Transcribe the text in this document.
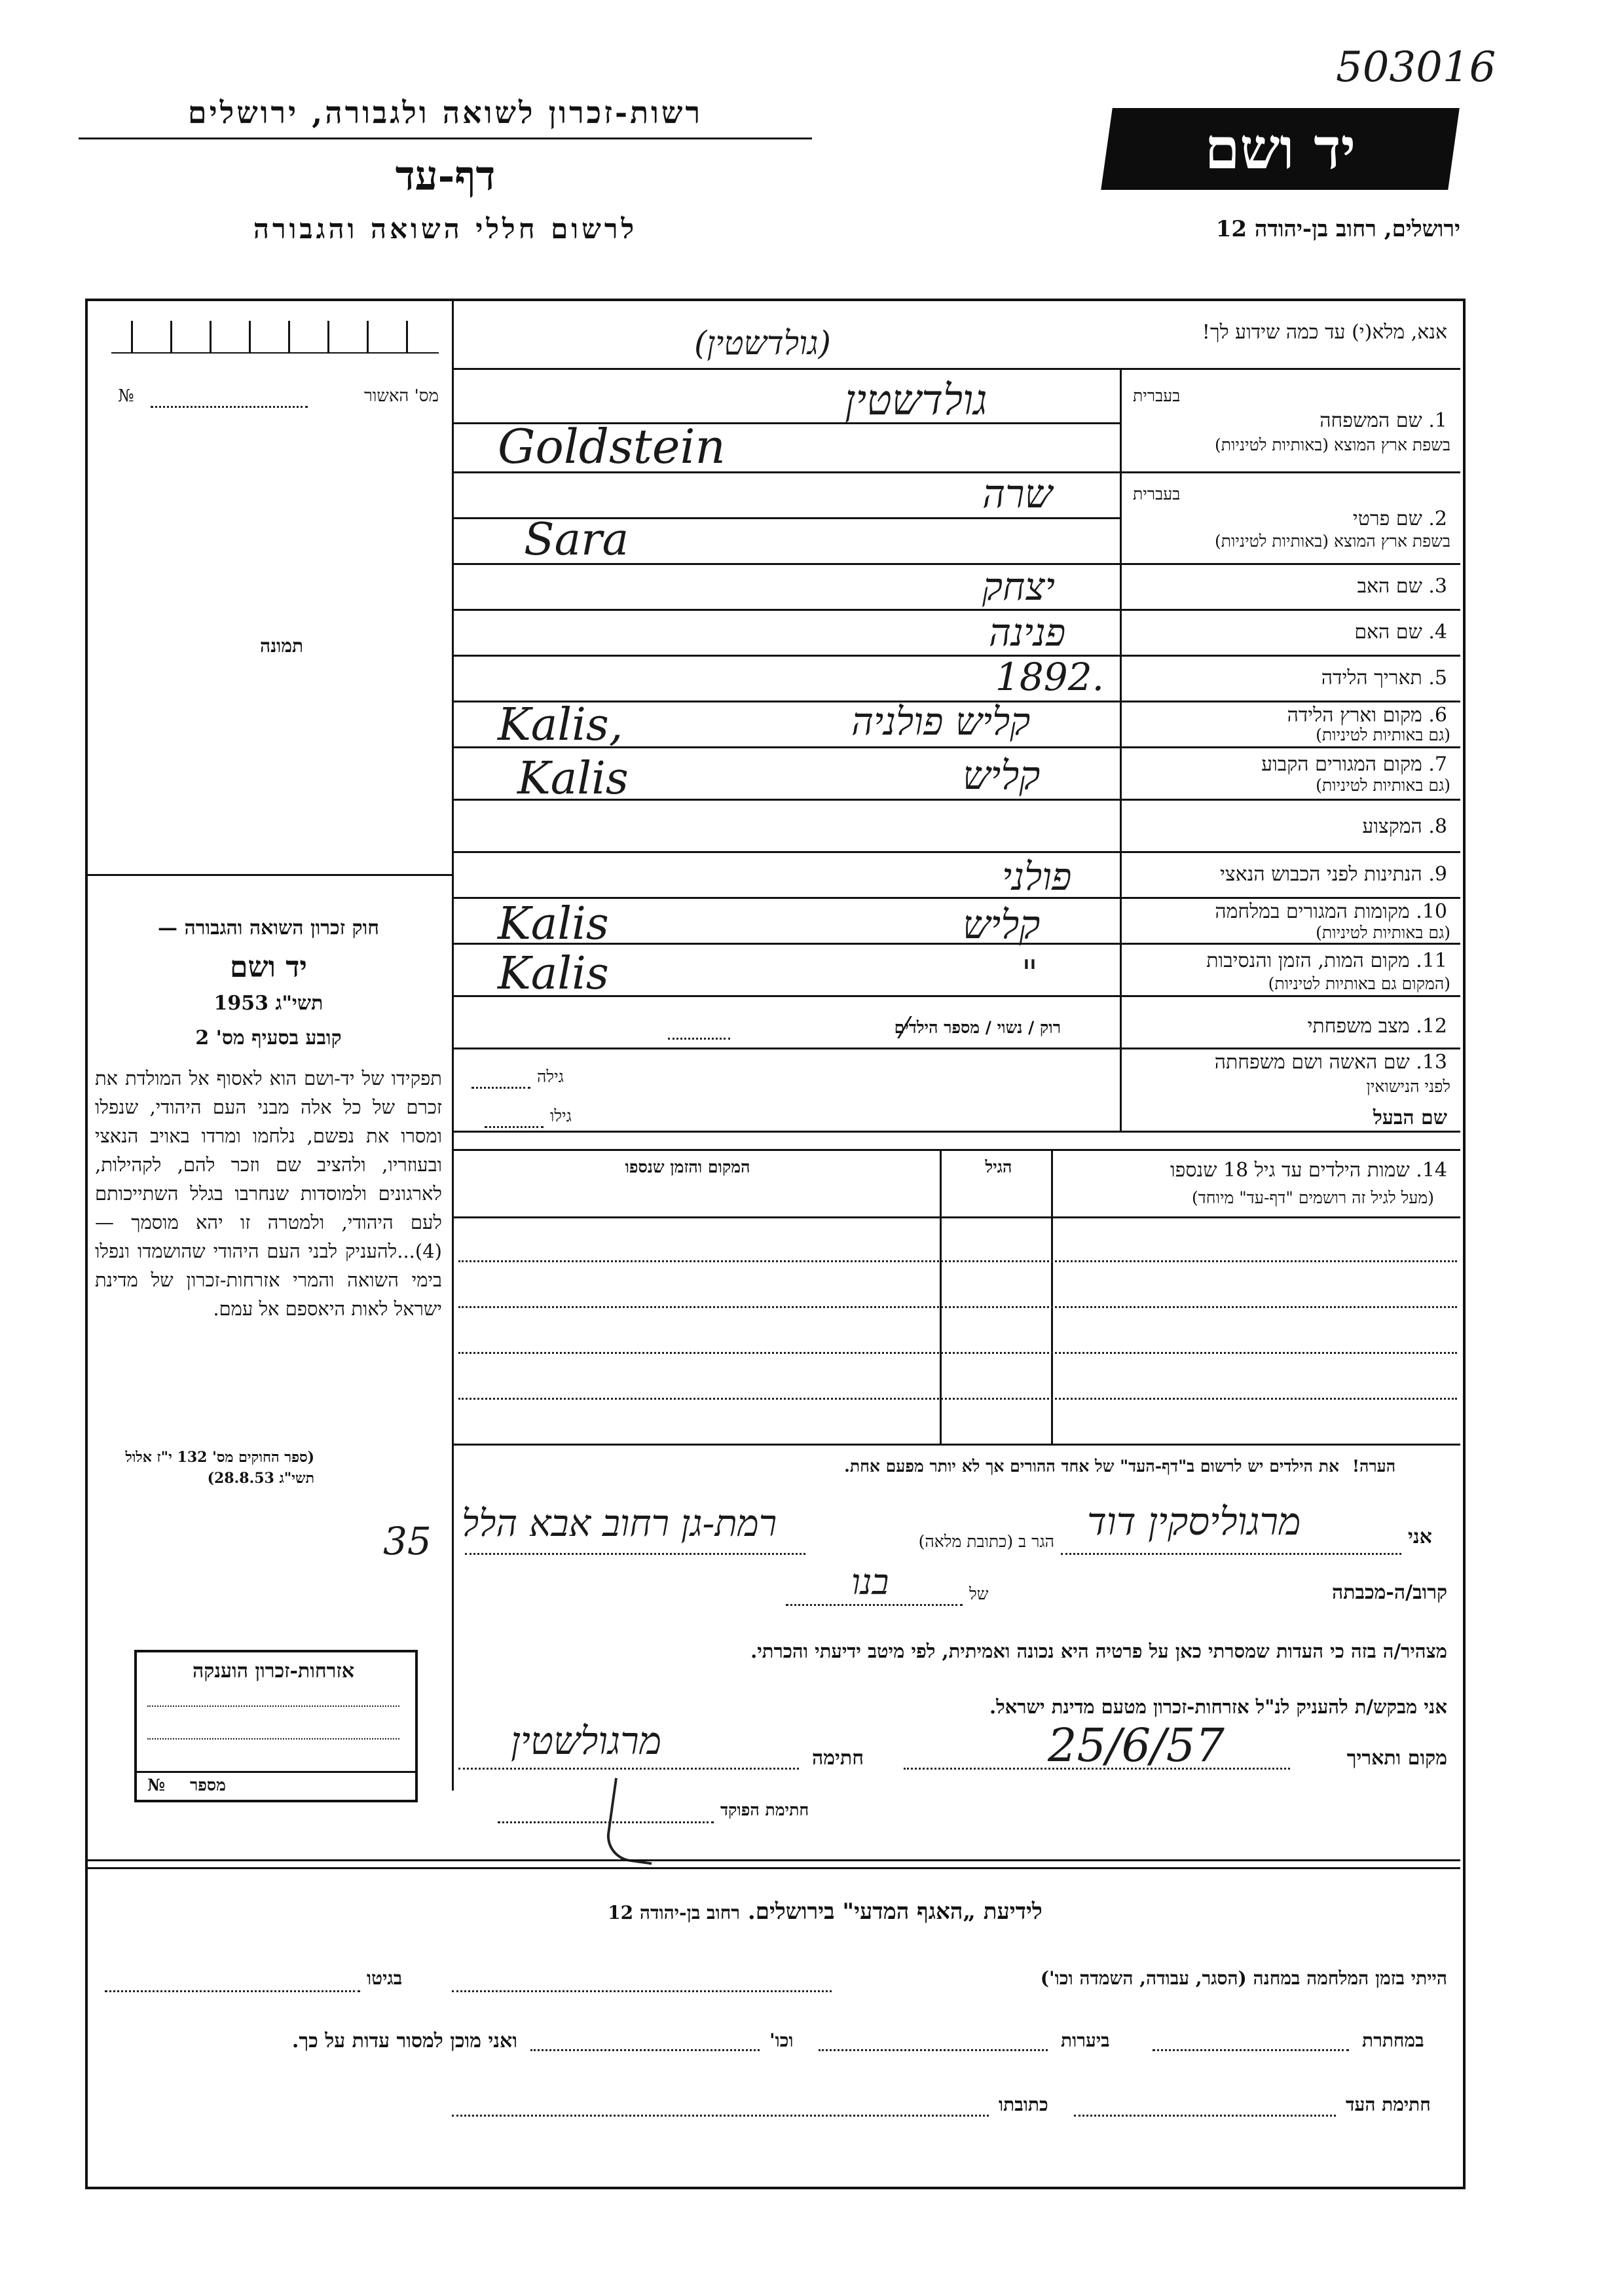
503016
רשות-זכרון לשואה ולגבורה, ירושלים
דף-עד
לרשום חללי השואה והגבורה
יד ושם
ירושלים, רחוב בן-יהודה 12
מס' האשור
№
תמונה
חוק זכרון השואה והגבורה —
יד ושם
תשי"ג 1953
קובע בסעיף מס' 2
תפקידו של יד-ושם הוא לאסוף אל המולדת את זכרם של כל אלה מבני העם היהודי, שנפלו ומסרו את נפשם, נלחמו ומרדו באויב הנאצי ובעוזריו, ולהציב שם וזכר להם, לקהילות, לארגונים ולמוסדות שנחרבו בגלל השתייכותם לעם היהודי, ולמטרה זו יהא מוסמך — (4)...להעניק לבני העם היהודי שהושמדו ונפלו בימי השואה והמרי אזרחות-זכרון של מדינת ישראל לאות היאספם אל עמם.
(ספר החוקים מס' 132 י"ז אלול תשי"ג 28.8.53)
אזרחות-זכרון הוענקה
מספר
№
אנא, מלא(י) עד כמה שידוע לך!
בעברית
1. שם המשפחה
בשפת ארץ המוצא (באותיות לטיניות)
גולדשטין
(גולדשטין)
Goldstein
בעברית
2. שם פרטי
בשפת ארץ המוצא (באותיות לטיניות)
שרה
Sara
3. שם האב
יצחק
4. שם האם
פנינה
5. תאריך הלידה
1892.
6. מקום וארץ הלידה
(גם באותיות לטיניות)
קליש פולניה
Kalis,
7. מקום המגורים הקבוע
(גם באותיות לטיניות)
קליש
Kalis
8. המקצוע
9. הנתינות לפני הכבוש הנאצי
פולני
10. מקומות המגורים במלחמה
(גם באותיות לטיניות)
קליש
Kalis
11. מקום המות, הזמן והנסיבות
(המקום גם באותיות לטיניות)
"
Kalis
12. מצב משפחתי
רוק / נשוי / מספר הילדים
13. שם האשה ושם משפחתה
לפני הנישואין
גילה
שם הבעל
גילו
14. שמות הילדים עד גיל 18 שנספו
(מעל לגיל זה רושמים "דף-עד" מיוחד)
הגיל
המקום והזמן שנספו
הערה!
את הילדים יש לרשום ב"דף-העד" של אחד ההורים אך לא יותר מפעם אחת.
אני
מרגוליסקין דוד
הגר ב (כתובת מלאה)
רמת-גן רחוב אבא הלל
35
קרוב/ה-מכבתה
של
בנו
מצהיר/ה בזה כי העדות שמסרתי כאן על פרטיה היא נכונה ואמיתית, לפי מיטב ידיעתי והכרתי.
אני מבקש/ת להעניק לנ"ל אזרחות-זכרון מטעם מדינת ישראל.
מקום ותאריך
25/6/57
חתימה
מרגולשטין
חתימת הפוקד
לידיעת „האגף המדעי" בירושלים. רחוב בן-יהודה 12
הייתי בזמן המלחמה במחנה (הסגר, עבודה, השמדה וכו')
בגיטו
במחתרת
ביערות
וכו'
ואני מוכן למסור עדות על כך.
חתימת העד
כתובתו
